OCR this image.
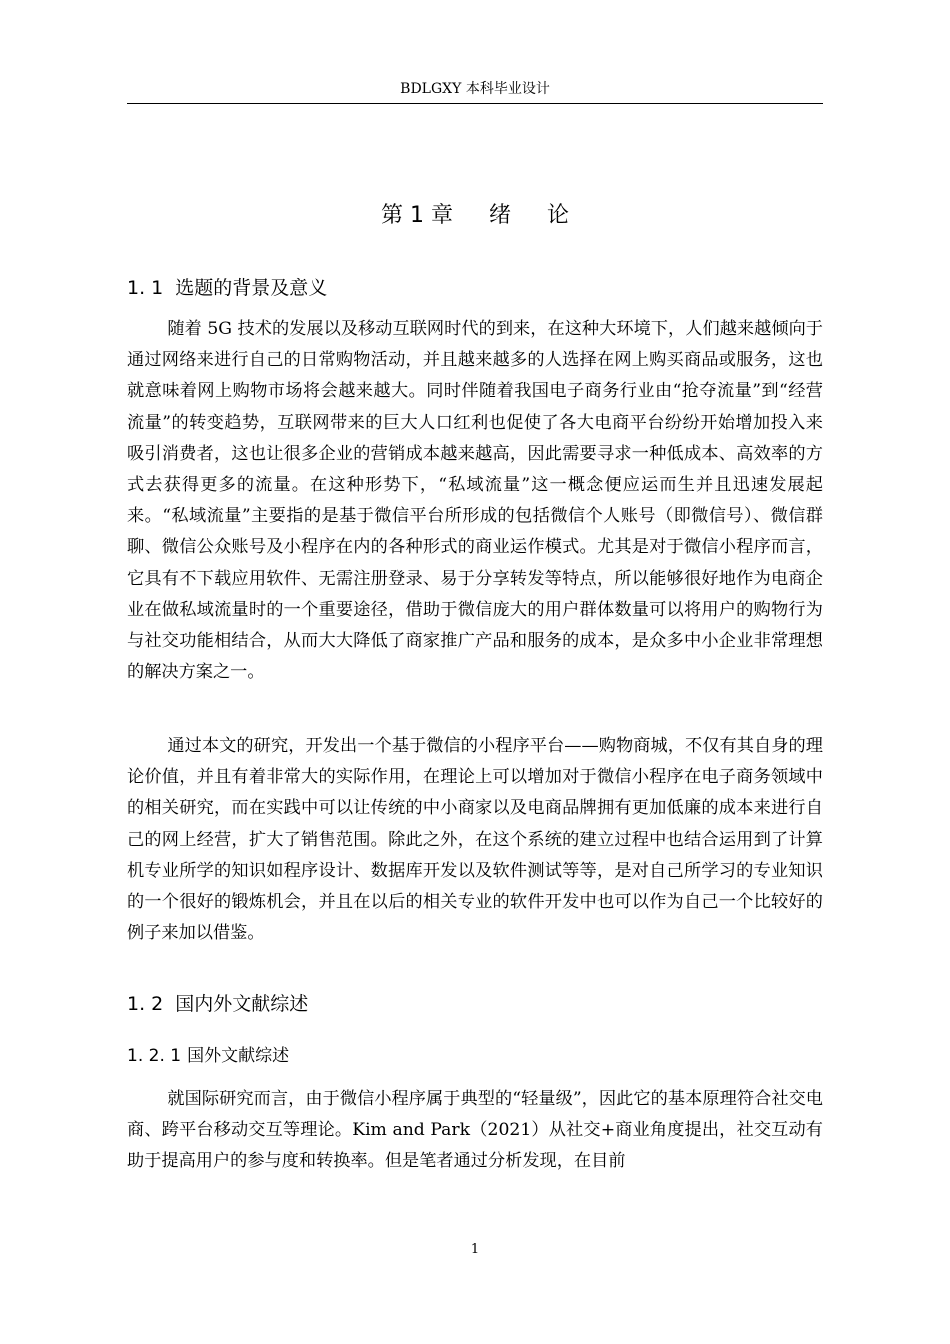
BDLGXY 本科毕业设计
第 1 章 绪 论
1. 1 选题的背景及意义

随着 5G 技术的发展以及移动互联网时代的到来，在这种大环境下，人们越来越倾向于通过网络来进行自己的日常购物活动，并且越来越多的人选择在网上购买商品或服务，这也就意味着网上购物市场将会越来越大。同时伴随着我国电子商务行业由“抢夺流量”到“经营流量”的转变趋势，互联网带来的巨大人口红利也促使了各大电商平台纷纷开始增加投入来吸引消费者，这也让很多企业的营销成本越来越高，因此需要寻求一种低成本、高效率的方式去获得更多的流量。在这种形势下，“私域流量”这一概念便应运而生并且迅速发展起来。“私域流量”主要指的是基于微信平台所形成的包括微信个人账号（即微信号）、微信群聊、微信公众账号及小程序在内的各种形式的商业运作模式。尤其是对于微信小程序而言，它具有不下载应用软件、无需注册登录、易于分享转发等特点，所以能够很好地作为电商企业在做私域流量时的一个重要途径，借助于微信庞大的用户群体数量可以将用户的购物行为与社交功能相结合，从而大大降低了商家推广产品和服务的成本，是众多中小企业非常理想的解决方案之一。

通过本文的研究，开发出一个基于微信的小程序平台——购物商城，不仅有其自身的理论价值，并且有着非常大的实际作用，在理论上可以增加对于微信小程序在电子商务领域中的相关研究，而在实践中可以让传统的中小商家以及电商品牌拥有更加低廉的成本来进行自己的网上经营，扩大了销售范围。除此之外，在这个系统的建立过程中也结合运用到了计算机专业所学的知识如程序设计、数据库开发以及软件测试等等，是对自己所学习的专业知识的一个很好的锻炼机会，并且在以后的相关专业的软件开发中也可以作为自己一个比较好的例子来加以借鉴。

1. 2 国内外文献综述
1. 2. 1 国外文献综述

就国际研究而言，由于微信小程序属于典型的“轻量级”，因此它的基本原理符合社交电商、跨平台移动交互等理论。Kim and Park（2021）从社交+商业角度提出，社交互动有助于提高用户的参与度和转换率。但是笔者通过分析发现，在目前

1
